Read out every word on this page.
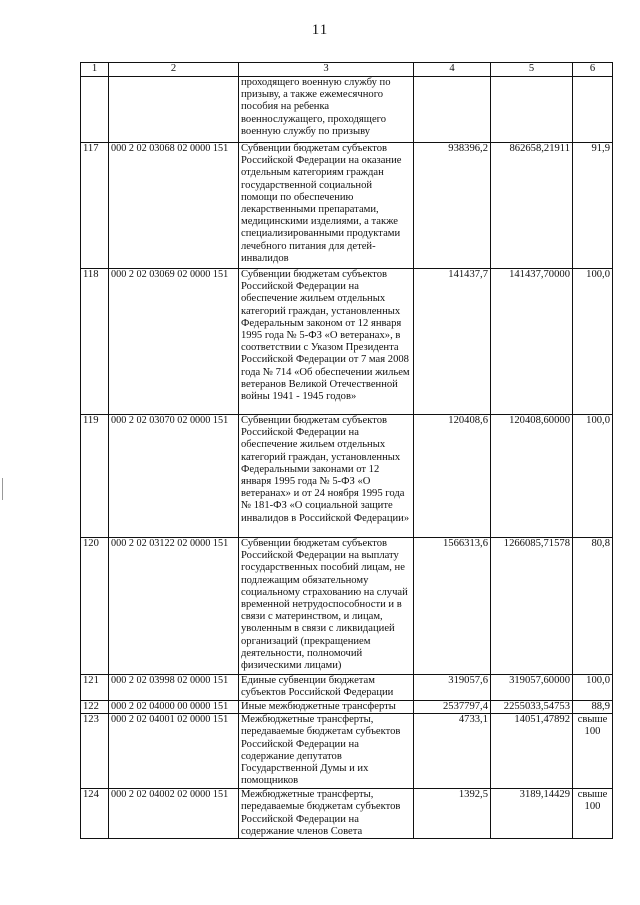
11
1	2	3	4	5	6
		проходящего военную службу по призыву, а также ежемесячного пособия на ребенка военнослужащего, проходящего военную службу по призыву			
117	000 2 02 03068 02 0000 151	Субвенции бюджетам субъектов Российской Федерации на оказание отдельным категориям граждан государственной социальной помощи по обеспечению лекарственными препаратами, медицинскими изделиями, а также специализированными продуктами лечебного питания для детей-инвалидов	938396,2	862658,21911	91,9
118	000 2 02 03069 02 0000 151	Субвенции бюджетам субъектов Российской Федерации на обеспечение жильем отдельных категорий граждан, установленных Федеральным законом от 12 января 1995 года № 5-ФЗ «О ветеранах», в соответствии с Указом Президента Российской Федерации от 7 мая 2008 года № 714 «Об обеспечении жильем ветеранов Великой Отечественной войны 1941 - 1945 годов»	141437,7	141437,70000	100,0
119	000 2 02 03070 02 0000 151	Субвенции бюджетам субъектов Российской Федерации на обеспечение жильем отдельных категорий граждан, установленных Федеральными законами от 12 января 1995 года № 5-ФЗ «О ветеранах» и от 24 ноября 1995 года № 181-ФЗ «О социальной защите инвалидов в Российской Федерации»	120408,6	120408,60000	100,0
120	000 2 02 03122 02 0000 151	Субвенции бюджетам субъектов Российской Федерации на выплату государственных пособий лицам, не подлежащим обязательному социальному страхованию на случай временной нетрудоспособности и в связи с материнством, и лицам, уволенным в связи с ликвидацией организаций (прекращением деятельности, полномочий физическими лицами)	1566313,6	1266085,71578	80,8
121	000 2 02 03998 02 0000 151	Единые субвенции бюджетам субъектов Российской Федерации	319057,6	319057,60000	100,0
122	000 2 02 04000 00 0000 151	Иные межбюджетные трансферты	2537797,4	2255033,54753	88,9
123	000 2 02 04001 02 0000 151	Межбюджетные трансферты, передаваемые бюджетам субъектов Российской Федерации на содержание депутатов Государственной Думы и их помощников	4733,1	14051,47892	свыше 100
124	000 2 02 04002 02 0000 151	Межбюджетные трансферты, передаваемые бюджетам субъектов Российской Федерации на содержание членов Совета	1392,5	3189,14429	свыше 100
